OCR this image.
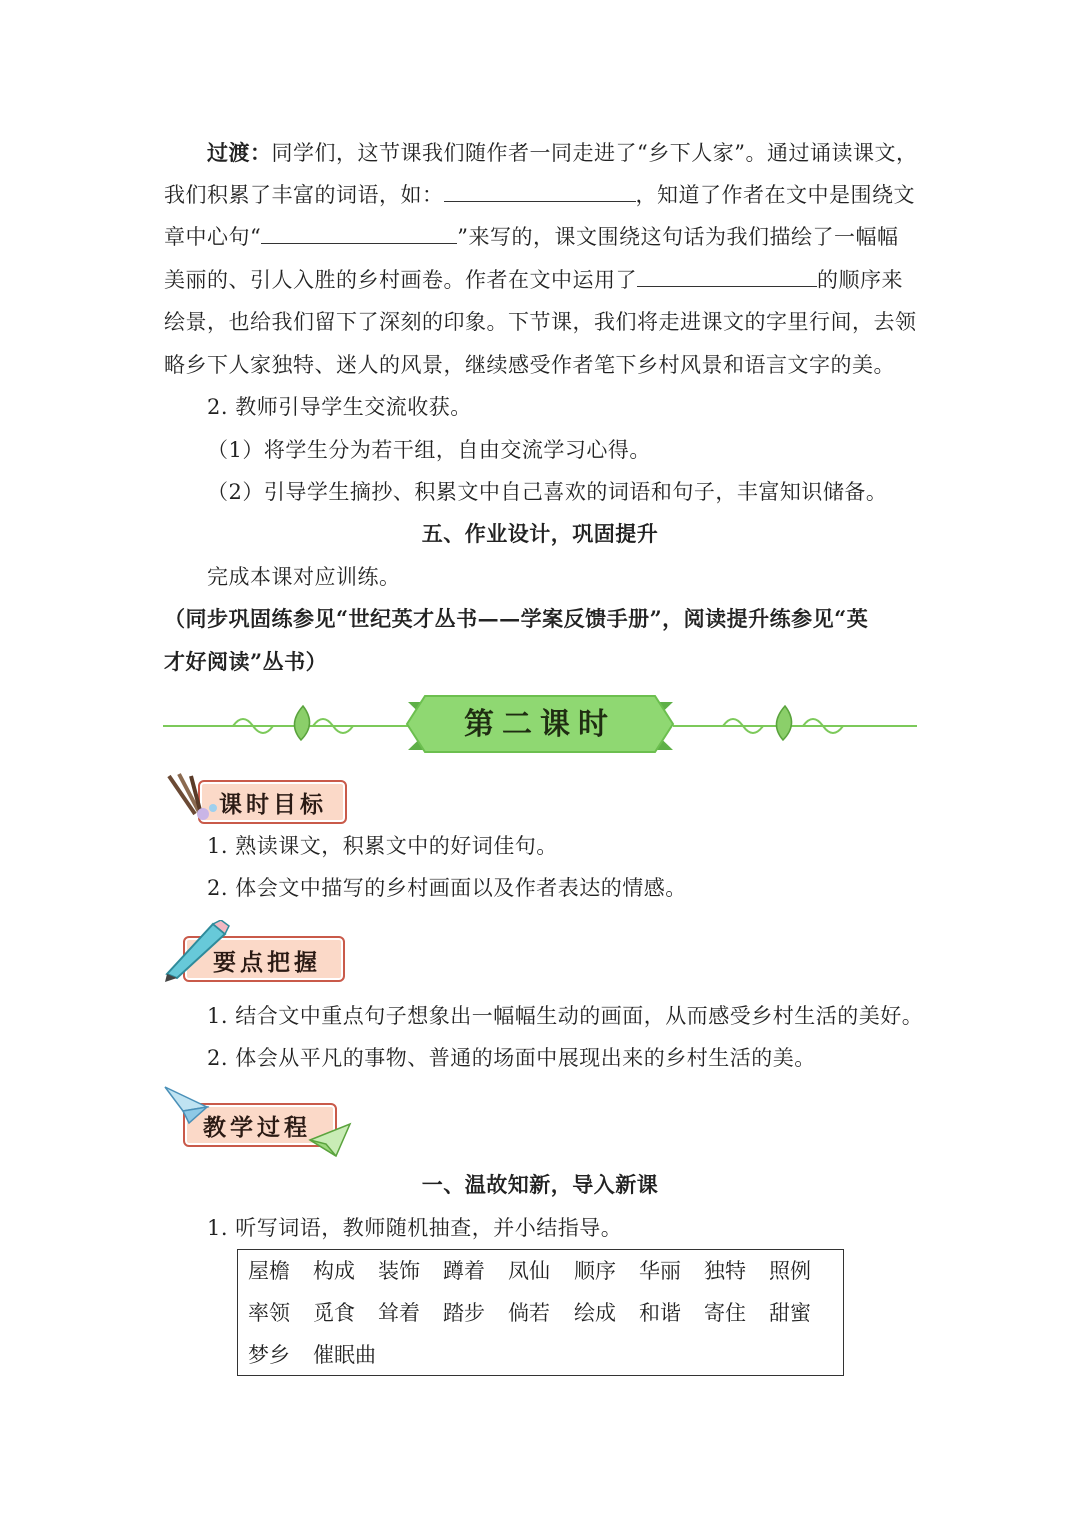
过渡：同学们，这节课我们随作者一同走进了“乡下人家”。通过诵读课文，
我们积累了丰富的词语，如：	，知道了作者在文中是围绕文
章中心句“	”来写的，课文围绕这句话为我们描绘了一幅幅
美丽的、引人入胜的乡村画卷。作者在文中运用了	的顺序来
绘景，也给我们留下了深刻的印象。下节课，我们将走进课文的字里行间，去领
略乡下人家独特、迷人的风景，继续感受作者笔下乡村风景和语言文字的美。
2. 教师引导学生交流收获。
（1）将学生分为若干组，自由交流学习心得。
（2）引导学生摘抄、积累文中自己喜欢的词语和句子，丰富知识储备。
五、作业设计，巩固提升
完成本课对应训练。
（同步巩固练参见“世纪英才丛书——学案反馈手册”，阅读提升练参见“英
才好阅读”丛书）
第二课时
课时目标
1. 熟读课文，积累文中的好词佳句。
2. 体会文中描写的乡村画面以及作者表达的情感。
要点把握
1. 结合文中重点句子想象出一幅幅生动的画面，从而感受乡村生活的美好。
2. 体会从平凡的事物、普通的场面中展现出来的乡村生活的美。
教学过程
一、温故知新，导入新课
1. 听写词语，教师随机抽查，并小结指导。
屋檐 构成 装饰 蹲着 凤仙 顺序 华丽 独特 照例
率领 觅食 耸着 踏步 倘若 绘成 和谐 寄住 甜蜜
梦乡 催眠曲
